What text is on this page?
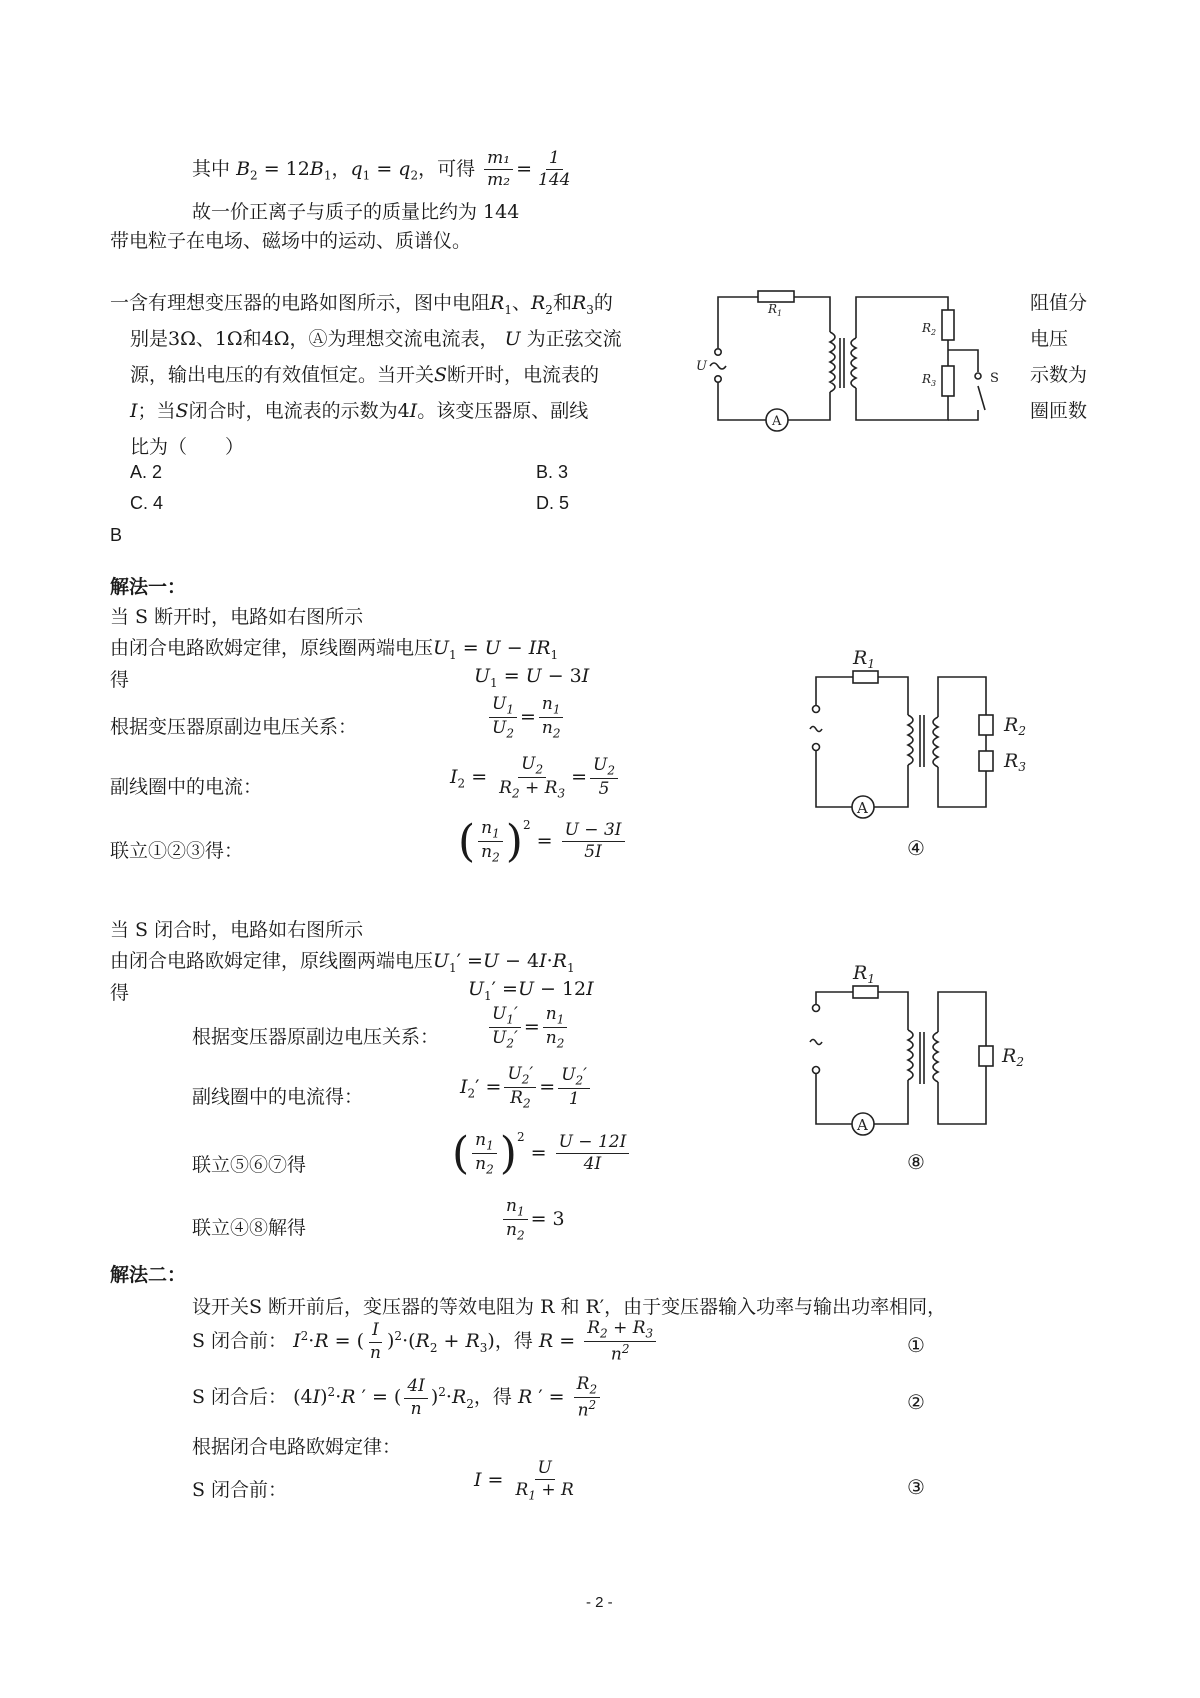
其中 $B_2 = 12B_1$，$q_1 = q_2$，可得 $\frac{\text{m₁}}{\text{m₂}} = \frac{1}{144}$
故一价正离子与质子的质量比约为 144
带电粒子在电场、磁场中的运动、质谱仪。
一含有理想变压器的电路如图所示，图中电阻$R_1$、$R_2$和$R_3$的
别是3Ω、1Ω和4Ω，Ⓐ为理想交流电流表， U 为正弦交流
源，输出电压的有效值恒定。当开关S断开时，电流表的
I；当S闭合时，电流表的示数为4I。该变压器原、副线
比为（　　）
阻值分
电压
示数为
圈匝数
A. 2	B. 3
C. 4	D. 5
B
$R_1$
$R_2$
$R_3$
U
S
A
解法一：
当 S 断开时，电路如右图所示
由闭合电路欧姆定律，原线圈两端电压$U_1 = U - IR_1$
得	$U_1 = U - 3I$
根据变压器原副边电压关系：	$\frac{U_1}{U_2} = \frac{n_1}{n_2}$
副线圈中的电流：	$I_2 = \frac{U_2}{R_2 + R_3} = \frac{U_2}{5}$
联立①②③得：	( $\frac{n_1}{n_2} )^2$
= $\frac{U - 3I}{5I}$
$R_1$
$R_2$
$R_3$
A
④
当 S 闭合时，电路如右图所示
由闭合电路欧姆定律，原线圈两端电压$U_1' =U - 4I\cdot R_1$
得	$U_1' =U - 12I$
根据变压器原副边电压关系：	$\frac{U_1'}{U_2'} = \frac{n_1}{n_2}$
副线圈中的电流得：	$I_2' = \frac{U_2'}{R_2} = \frac{U_2'}{1}$
联立⑤⑥⑦得	( $\frac{n_1}{n_2} )^2$
= $\frac{U - 12I}{4I}$
联立④⑧解得	$\frac{n_1}{n_2} = 3$
$R_1$
$R_2$
A
⑧
解法二：
设开关S 断开前后，变压器的等效电阻为 R 和 R′，由于变压器输入功率与输出功率相同，
S 闭合前： $I^2\cdot R$ = ( $\frac{I}{n} )^2\cdot(R_2 + R_3)$，得 $R = \frac{R_2 + R_3}{n^2}$	①
S 闭合后： $(4I)^2\cdot R$ ′ = ( $\frac{4I}{n} )^2\cdot R_2$，得 R ′ = $\frac{R_2}{n^2}$	②
根据闭合电路欧姆定律：
S 闭合前：	$I = \frac{U}{R_1 + R}$	③
- 2 -
